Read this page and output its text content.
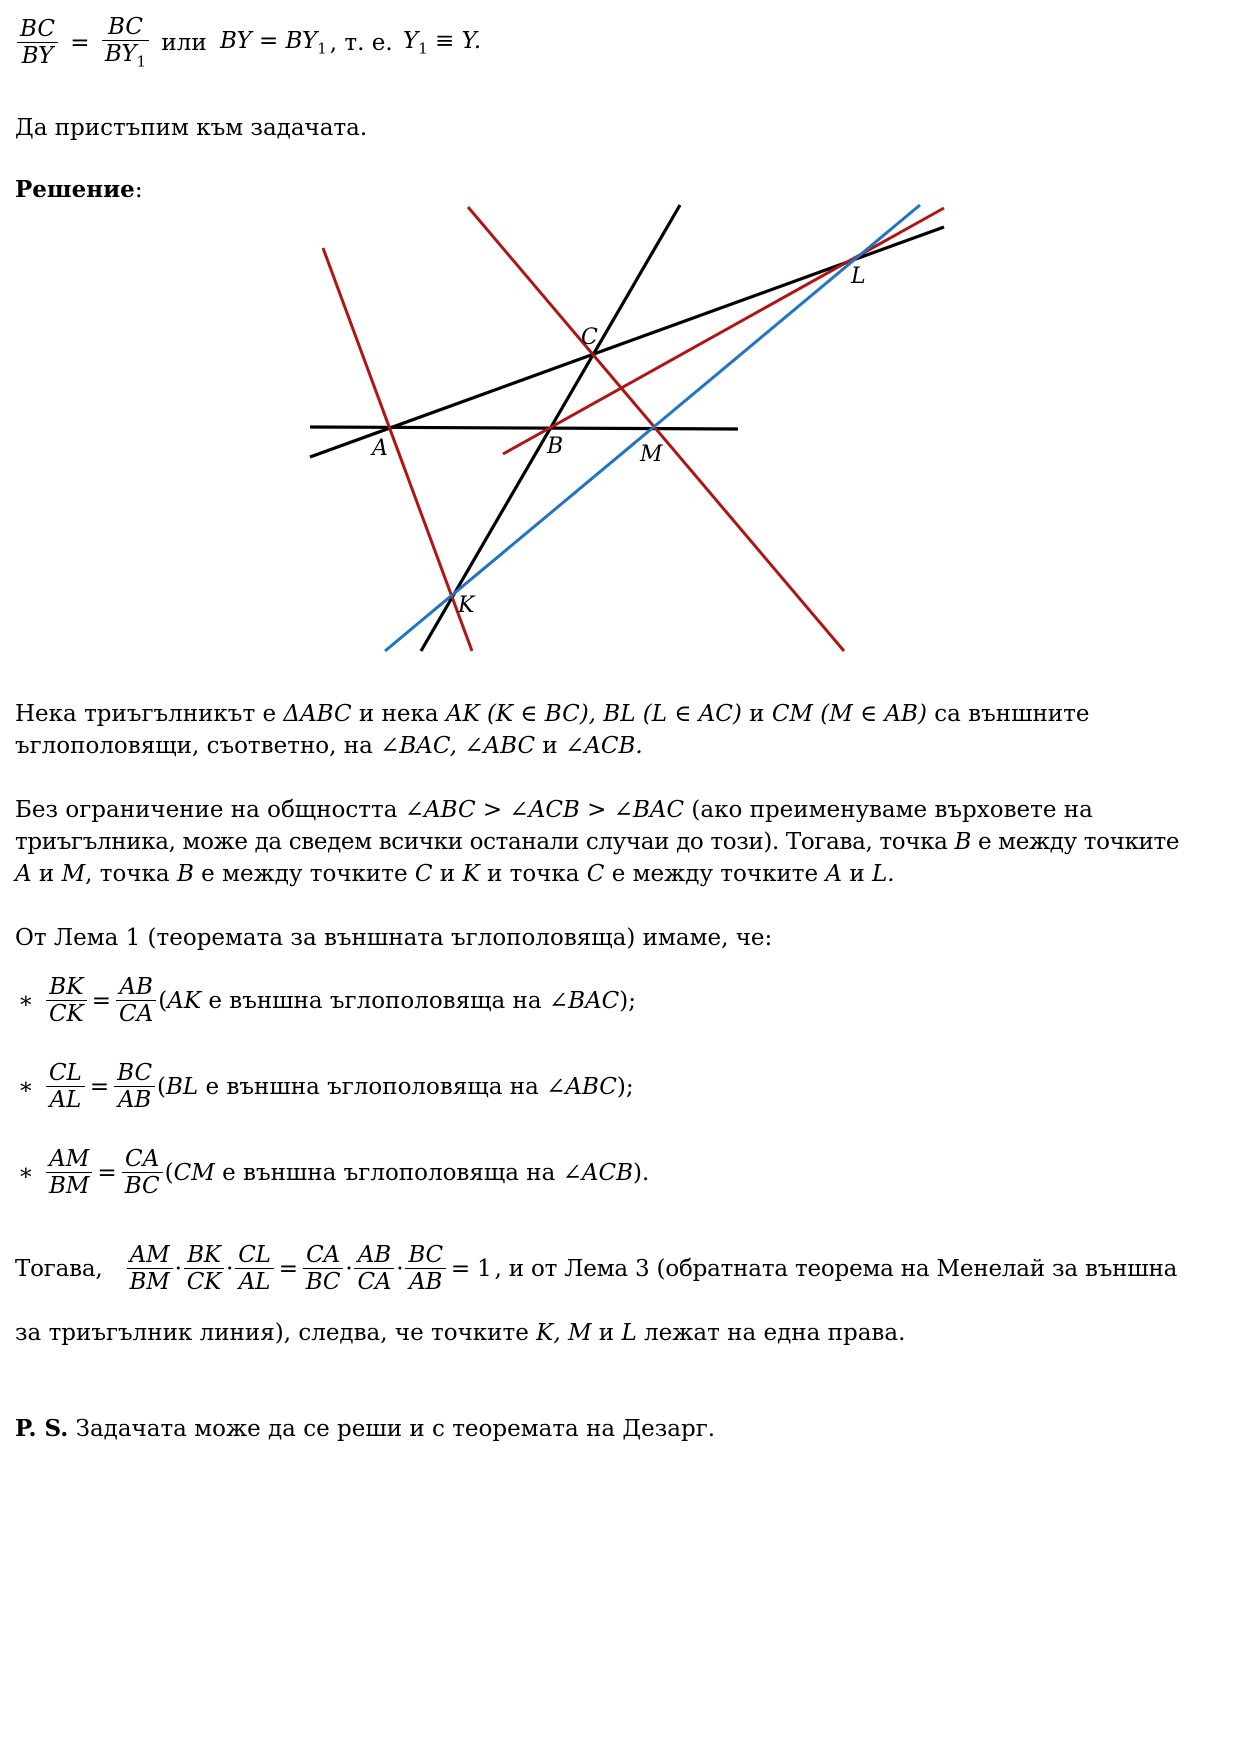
$\frac{BC}{BY} = \frac{BC}{BY_1}$ или BY = $BY_1$ , т. е. $Y_1 \equiv Y$.
Да пристъпим към задачата.
Решение:
A	B
C
K
L
M
Нека триъгълникът е ΔABC и нека AK (K ∈ BC), BL (L ∈ AC) и CM (M ∈ AB) са външните
ъглополовящи, съответно, на ∠BAC, ∠ABC и ∠ACB.
Без ограничение на общността ∠ABC > ∠ACB > ∠BAC (ако преименуваме върховете на
триъгълника, може да сведем всички останали случаи до този). Тогава, точка B е между точките
A и M, точка B е между точките C и K и точка C е между точките A и L.
От Лема 1 (теоремата за външната ъглополовяща) имаме, че:
∗ $\frac{BK}{CK} = \frac{AB}{CA} (AK$ е външна ъглополовяща на ∠BAC);
∗ $\frac{CL}{AL} = \frac{BC}{AB} (BL$ е външна ъглополовяща на ∠ABC);
∗ $\frac{AM}{BM} = \frac{CA}{BC} (CM$ е външна ъглополовяща на ∠ACB).
Тогава, $\frac{AM}{BM} \cdot \frac{BK}{CK} \cdot \frac{CL}{AL} = \frac{CA}{BC} \cdot \frac{AB}{CA} \cdot \frac{BC}{AB} = 1$, и от Лема 3 (обратната теорема на Менелай за външна
за триъгълник линия), следва, че точките K, M и L лежат на една права.
P. S. Задачата може да се реши и с теоремата на Дезарг.
